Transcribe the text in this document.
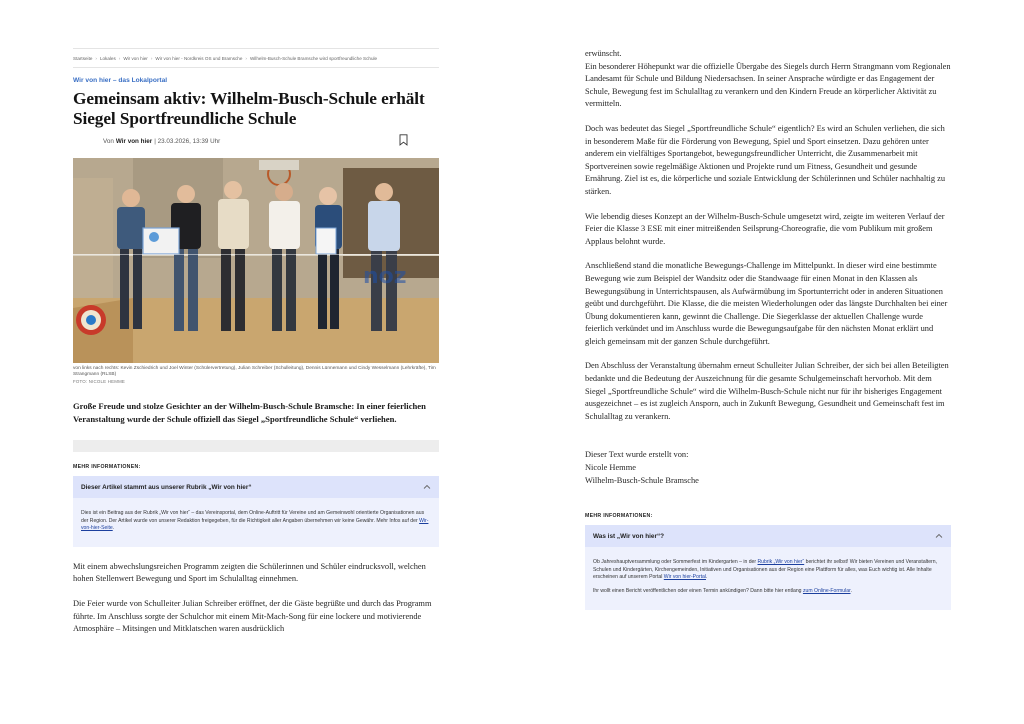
Startseite › Lokales › Wir von hier › Wir von hier - Nordkreis OS und Bramsche › Wilhelm-Busch-Schule Bramsche wird sportfreundliche Schule
Wir von hier – das Lokalportal
Gemeinsam aktiv: Wilhelm-Busch-Schule erhält Siegel Sportfreundliche Schule
Von Wir von hier | 23.03.2026, 13:39 Uhr
noz

von links nach rechts: Kevin Zschiedrich und Joel Winter (Schülervertretung), Julian Schreiber (Schulleitung), Dennis Lünnemann und Cindy Wesselmann (Lehrkräfte), Tim Strangmann (RLSB)

FOTO: NICOLE HEMME

Große Freude und stolze Gesichter an der Wilhelm-Busch-Schule Bramsche: In einer feierlichen Veranstaltung wurde der Schule offiziell das Siegel „Sportfreundliche Schule“ verliehen.

MEHR INFORMATIONEN:
Dieser Artikel stammt aus unserer Rubrik „Wir von hier“
Dies ist ein Beitrag aus der Rubrik „Wir von hier“ – das Vereinsportal, dem Online-Auftritt für Vereine und am Gemeinwohl orientierte Organisationen aus der Region. Der Artikel wurde von unserer Redaktion freigegeben, für die Richtigkeit aller Angaben übernehmen wir keine Gewähr. Mehr Infos auf der Wir-von-hier-Seite.

Mit einem abwechslungsreichen Programm zeigten die Schülerinnen und Schüler eindrucksvoll, welchen hohen Stellenwert Bewegung und Sport im Schulalltag einnehmen.

Die Feier wurde von Schulleiter Julian Schreiber eröffnet, der die Gäste begrüßte und durch das Programm führte. Im Anschluss sorgte der Schulchor mit einem Mit-Mach-Song für eine lockere und motivierende Atmosphäre – Mitsingen und Mitklatschen waren ausdrücklich

erwünscht.
Ein besonderer Höhepunkt war die offizielle Übergabe des Siegels durch Herrn Strangmann vom Regionalen Landesamt für Schule und Bildung Niedersachsen. In seiner Ansprache würdigte er das Engagement der Schule, Bewegung fest im Schulalltag zu verankern und den Kindern Freude an körperlicher Aktivität zu vermitteln.

Doch was bedeutet das Siegel „Sportfreundliche Schule“ eigentlich? Es wird an Schulen verliehen, die sich in besonderem Maße für die Förderung von Bewegung, Spiel und Sport einsetzen. Dazu gehören unter anderem ein vielfältiges Sportangebot, bewegungsfreundlicher Unterricht, die Zusammenarbeit mit Sportvereinen sowie regelmäßige Aktionen und Projekte rund um Fitness, Gesundheit und gesunde Ernährung. Ziel ist es, die körperliche und soziale Entwicklung der Schülerinnen und Schüler nachhaltig zu stärken.

Wie lebendig dieses Konzept an der Wilhelm-Busch-Schule umgesetzt wird, zeigte im weiteren Verlauf der Feier die Klasse 3 ESE mit einer mitreißenden Seilsprung-Choreografie, die vom Publikum mit großem Applaus belohnt wurde.

Anschließend stand die monatliche Bewegungs-Challenge im Mittelpunkt. In dieser wird eine bestimmte Bewegung wie zum Beispiel der Wandsitz oder die Standwaage für einen Monat in den Klassen als Bewegungsübung in Unterrichtspausen, als Aufwärmübung im Sportunterricht oder in anderen Situationen geübt und durchgeführt. Die Klasse, die die meisten Wiederholungen oder das längste Durchhalten bei einer Übung dokumentieren kann, gewinnt die Challenge. Die Siegerklasse der aktuellen Challenge wurde feierlich verkündet und im Anschluss wurde die Bewegungsaufgabe für den nächsten Monat erklärt und gleich gemeinsam mit der ganzen Schule durchgeführt.

Den Abschluss der Veranstaltung übernahm erneut Schulleiter Julian Schreiber, der sich bei allen Beteiligten bedankte und die Bedeutung der Auszeichnung für die gesamte Schulgemeinschaft hervorhob. Mit dem Siegel „Sportfreundliche Schule“ wird die Wilhelm-Busch-Schule nicht nur für ihr bisheriges Engagement ausgezeichnet – es ist zugleich Ansporn, auch in Zukunft Bewegung, Gesundheit und Gemeinschaft fest im Schulalltag zu verankern.

Dieser Text wurde erstellt von:
Nicole Hemme
Wilhelm-Busch-Schule Bramsche

MEHR INFORMATIONEN:
Was ist „Wir von hier“?

Ob Jahreshauptversammlung oder Sommerfest im Kindergarten – in der Rubrik „Wir von hier“ berichtet ihr selbst! Wir bieten Vereinen und Veranstaltern, Schulen und Kindergärten, Kirchengemeinden, Initiativen und Organisationen aus der Region eine Plattform für alles, was Euch wichtig ist. Alle Inhalte erscheinen auf unserem Portal Wir von hier-Portal.

Ihr wollt einen Bericht veröffentlichen oder einen Termin ankündigen? Dann bitte hier entlang zum Online-Formular.
